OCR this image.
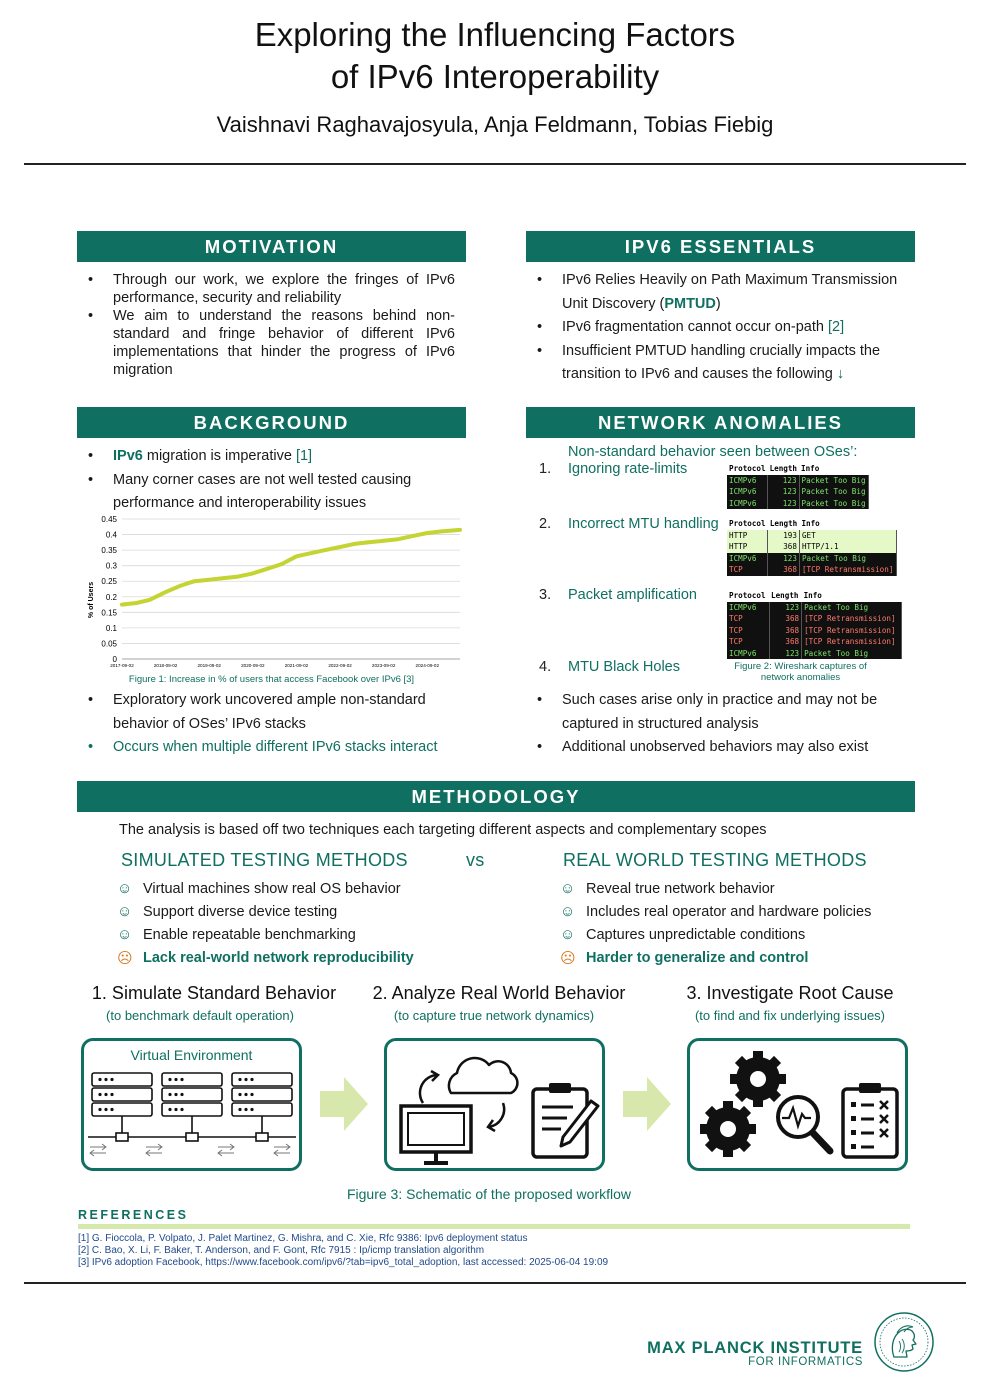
Exploring the Influencing Factors
of IPv6 Interoperability
Vaishnavi Raghavajosyula, Anja Feldmann, Tobias Fiebig
MOTIVATION
• Through our work, we explore the fringes of IPv6 performance, security and reliability
• We aim to understand the reasons behind non-standard and fringe behavior of different IPv6 implementations that hinder the progress of IPv6 migration
IPV6 ESSENTIALS
• IPv6 Relies Heavily on Path Maximum Transmission Unit Discovery (PMTUD)
• IPv6 fragmentation cannot occur on-path [2]
• Insufficient PMTUD handling crucially impacts the transition to IPv6 and causes the following ↓
BACKGROUND
• IPv6 migration is imperative [1]
• Many corner cases are not well tested causing performance and interoperability issues
0
0.05
0.1
0.15
0.2
0.25
0.3
0.35
0.4
0.45
2017-09-02	2018-09-02	2019-09-02	2020-09-02	2021-09-02	2022-09-02	2023-09-02	2024-09-02
% of Users
Figure 1: Increase in % of users that access Facebook over IPv6 [3]
• Exploratory work uncovered ample non-standard behavior of OSes’ IPv6 stacks
• Occurs when multiple different IPv6 stacks interact
NETWORK ANOMALIES
Non-standard behavior seen between OSes’:
1. Ignoring rate-limits
2. Incorrect MTU handling
3. Packet amplification
4. MTU Black Holes
Protocol	Length	Info
ICMPv6	123	Packet Too Big
ICMPv6	123	Packet Too Big
ICMPv6	123	Packet Too Big
Protocol	Length	Info
HTTP	193	GET
HTTP	368	HTTP/1.1
ICMPv6	123	Packet Too Big
TCP	368	[TCP Retransmission]
Protocol	Length	Info
ICMPv6	123	Packet Too Big
TCP	368	[TCP Retransmission]
TCP	368	[TCP Retransmission]
TCP	368	[TCP Retransmission]
ICMPv6	123	Packet Too Big
Figure 2: Wireshark captures of network anomalies
• Such cases arise only in practice and may not be captured in structured analysis
• Additional unobserved behaviors may also exist
METHODOLOGY
The analysis is based off two techniques each targeting different aspects and complementary scopes
SIMULATED TESTING METHODS	vs	REAL WORLD TESTING METHODS
☺ Virtual machines show real OS behavior
☺ Support diverse device testing
☺ Enable repeatable benchmarking
☹ Lack real-world network reproducibility
☺ Reveal true network behavior
☺ Includes real operator and hardware policies
☺ Captures unpredictable conditions
☹ Harder to generalize and control
1. Simulate Standard Behavior
(to benchmark default operation)
2. Analyze Real World Behavior
(to capture true network dynamics)
3. Investigate Root Cause
(to find and fix underlying issues)
Virtual Environment
Figure 3: Schematic of the proposed workflow
REFERENCES
[1] G. Fioccola, P. Volpato, J. Palet Martinez, G. Mishra, and C. Xie, Rfc 9386: Ipv6 deployment status
[2] C. Bao, X. Li, F. Baker, T. Anderson, and F. Gont, Rfc 7915 : Ip/icmp translation algorithm
[3] IPv6 adoption Facebook, https://www.facebook.com/ipv6/?tab=ipv6_total_adoption, last accessed: 2025-06-04 19:09
MAX PLANCK INSTITUTE
FOR INFORMATICS
